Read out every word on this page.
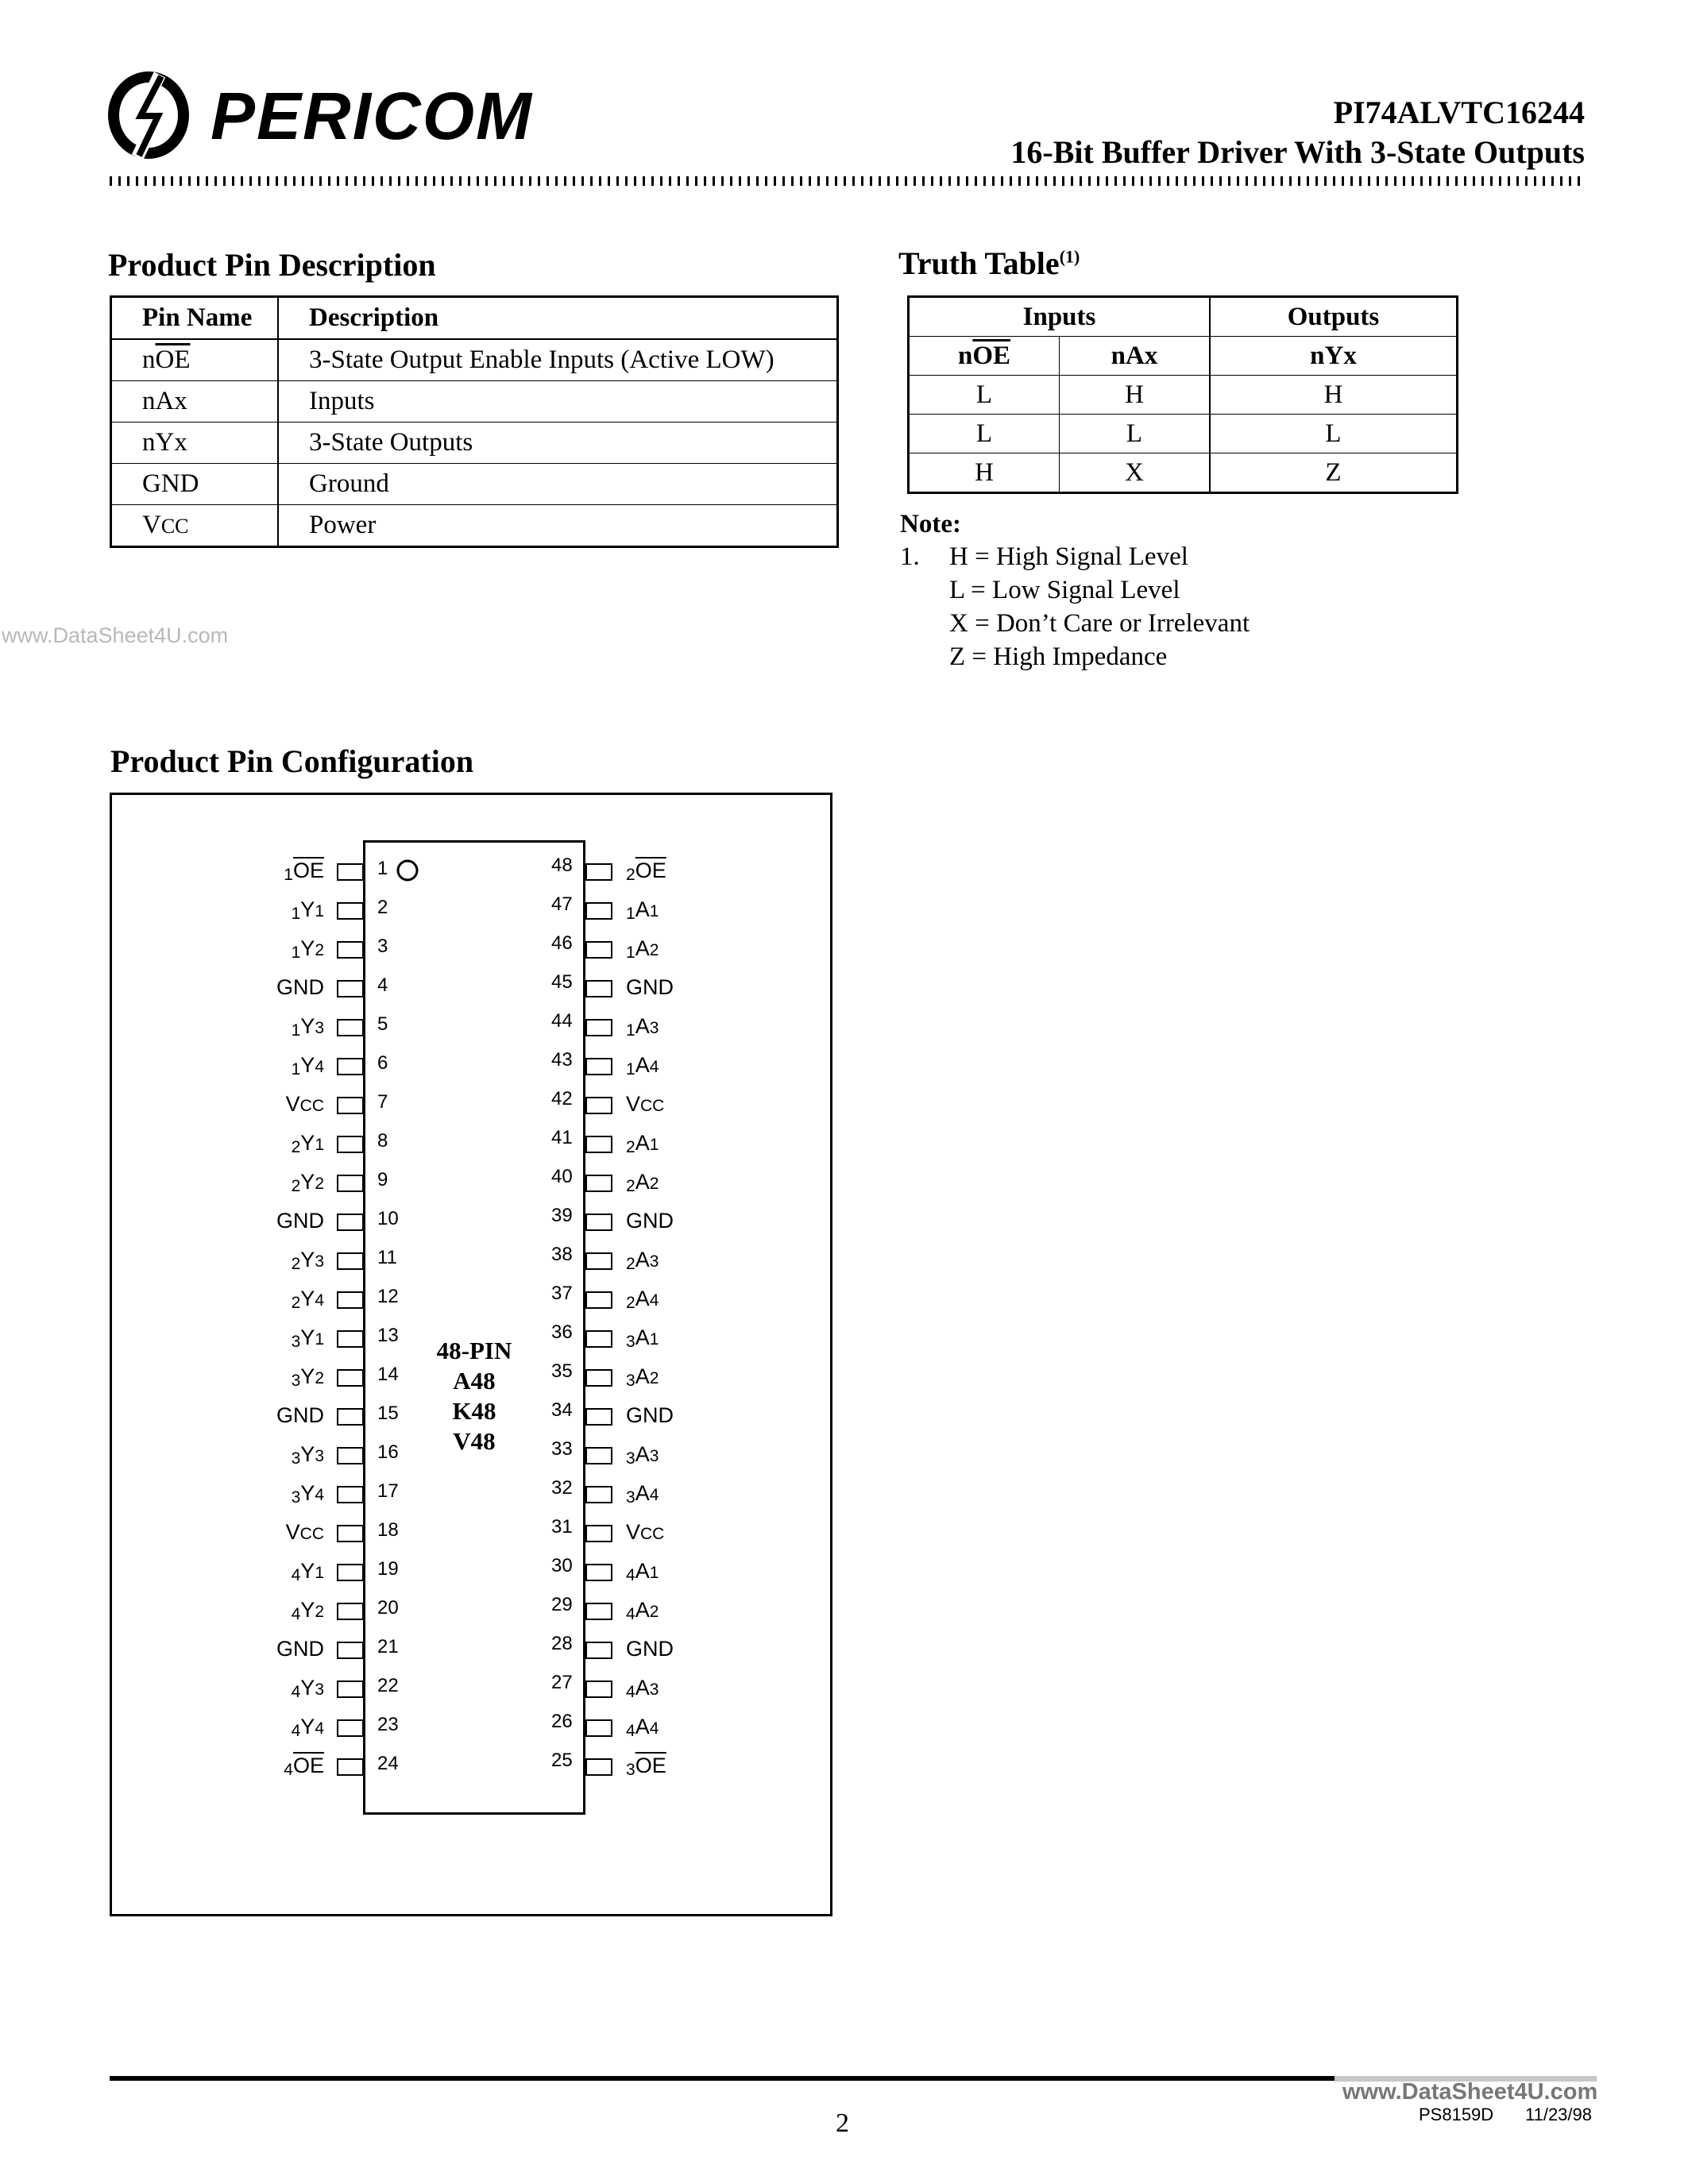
PERICOM	PI74ALVTC16244
16-Bit Buffer Driver With 3-State Outputs
Product Pin Description
Pin Name	Description
$n\overline{OE}$	3-State Output Enable Inputs (Active LOW)
nAx	Inputs
nYx	3-State Outputs
GND	Ground
VCC	Power
Truth Table$^{(1)}$
Inputs		Outputs
$n\overline{OE}$	nAx	nYx
L	H	H
L	L	L
H	X	Z
Note:
1. H = High Signal Level
L = Low Signal Level
X = Don’t Care or Irrelevant
Z = High Impedance
www.DataSheet4U.com
Product Pin Configuration
48-PIN
A48
K48
V48
1
$1\overline{OE}$
2
1Y1
3
1Y2
4
GND
5
1Y3
6
1Y4
7
VCC
8
2Y1
9
2Y2
10
GND
11
2Y3
12
2Y4
13
3Y1
14
3Y2
15
GND
16
3Y3
17
3Y4
18
VCC
19
4Y1
20
4Y2
21
GND
22
4Y3
23
4Y4
24
$4\overline{OE}$
48	$2\overline{OE}$
47	1A1
46	1A2
45 GND
44	1A3
43	1A4
42 VCC
41	2A1
40	2A2
39 GND
38	2A3
37	2A4
36	3A1
35	3A2
34 GND
33	3A3
32	3A4
31 VCC
30	4A1
29	4A2
28 GND
27	4A3
26	4A4
25	$3\overline{OE}$
www.DataSheet4U.com
2	PS8159D 11/23/98
